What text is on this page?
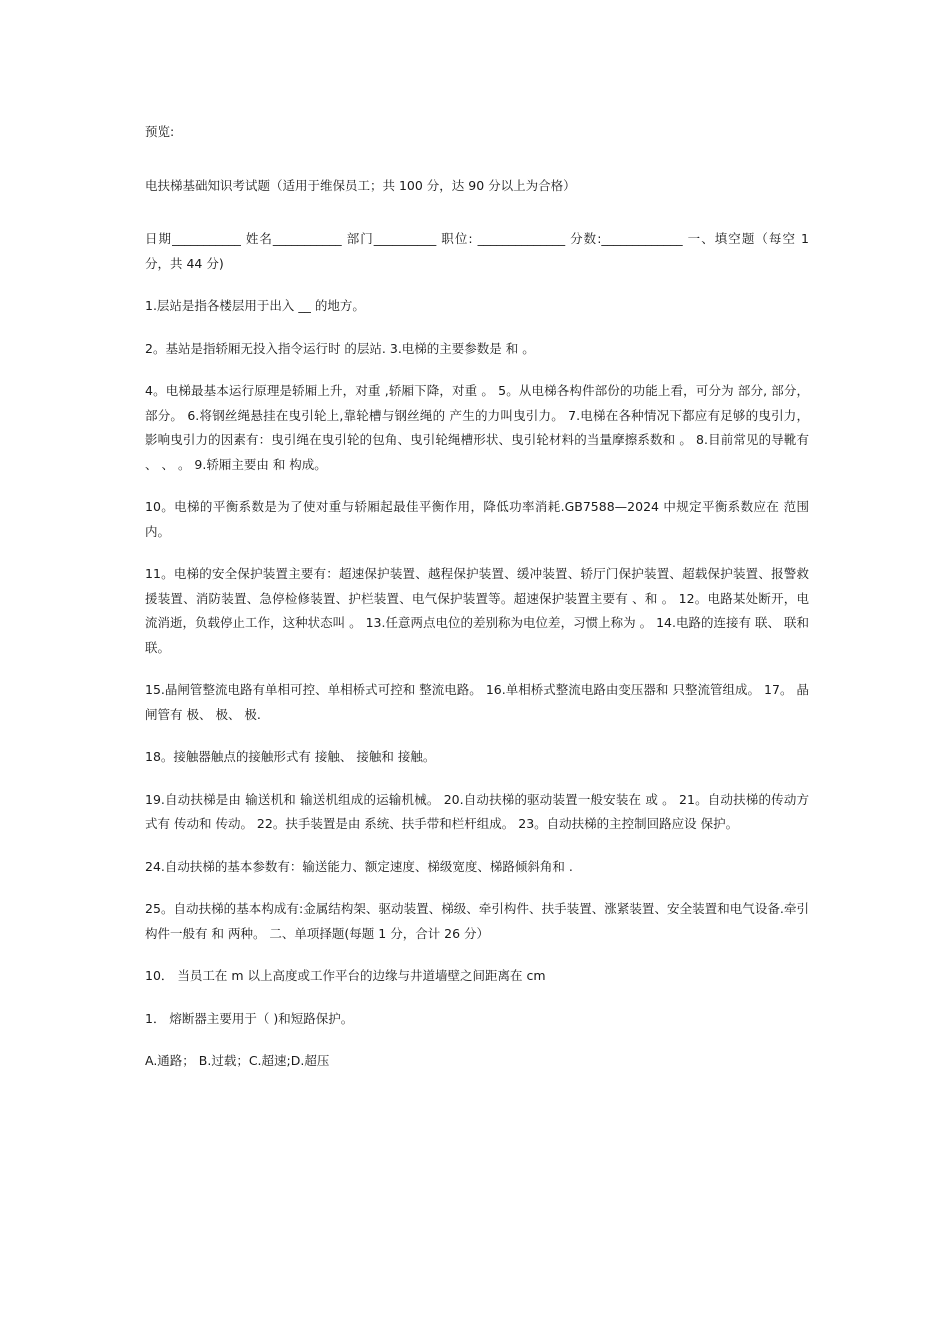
预览:

电扶梯基础知识考试题（适用于维保员工；共 100 分，达 90 分以上为合格）

日期___________ 姓名___________ 部门__________ 职位: ______________ 分数:_____________ 一、填空题（每空 1 分，共 44 分)

1.层站是指各楼层用于出入 __ 的地方。

2。基站是指轿厢无投入指令运行时 的层站. 3.电梯的主要参数是 和 。

4。电梯最基本运行原理是轿厢上升，对重 ,轿厢下降，对重 。 5。从电梯各构件部份的功能上看，可分为 部分, 部分， 部分。 6.将钢丝绳悬挂在曳引轮上,靠轮槽与钢丝绳的 产生的力叫曳引力。 7.电梯在各种情况下都应有足够的曳引力，影响曳引力的因素有：曳引绳在曳引轮的包角、曳引轮绳槽形状、曳引轮材料的当量摩擦系数和 。 8.目前常见的导靴有 、 、 。 9.轿厢主要由 和 构成。

10。电梯的平衡系数是为了使对重与轿厢起最佳平衡作用，降低功率消耗.GB7588—2024 中规定平衡系数应在 范围内。

11。电梯的安全保护装置主要有：超速保护装置、越程保护装置、缓冲装置、轿厅门保护装置、超载保护装置、报警救援装置、消防装置、急停检修装置、护栏装置、电气保护装置等。超速保护装置主要有 、和 。 12。电路某处断开，电流消逝，负载停止工作，这种状态叫 。 13.任意两点电位的差别称为电位差，习惯上称为 。 14.电路的连接有 联、 联和 联。

15.晶闸管整流电路有单相可控、单相桥式可控和 整流电路。 16.单相桥式整流电路由变压器和 只整流管组成。 17。 晶闸管有 极、 极、 极.

18。接触器触点的接触形式有 接触、 接触和 接触。

19.自动扶梯是由 输送机和 输送机组成的运输机械。 20.自动扶梯的驱动装置一般安装在 或 。 21。自动扶梯的传动方式有 传动和 传动。 22。扶手装置是由 系统、扶手带和栏杆组成。 23。自动扶梯的主控制回路应设 保护。

24.自动扶梯的基本参数有：输送能力、额定速度、梯级宽度、梯路倾斜角和 .

25。自动扶梯的基本构成有:金属结构架、驱动装置、梯级、牵引构件、扶手装置、涨紧装置、安全装置和电气设备.牵引构件一般有 和 两种。 二、单项择题(每题 1 分，合计 26 分）

10． 当员工在 m 以上高度或工作平台的边缘与井道墙壁之间距离在 cm

1． 熔断器主要用于（ )和短路保护。

A.通路； B.过载；C.超速;D.超压
